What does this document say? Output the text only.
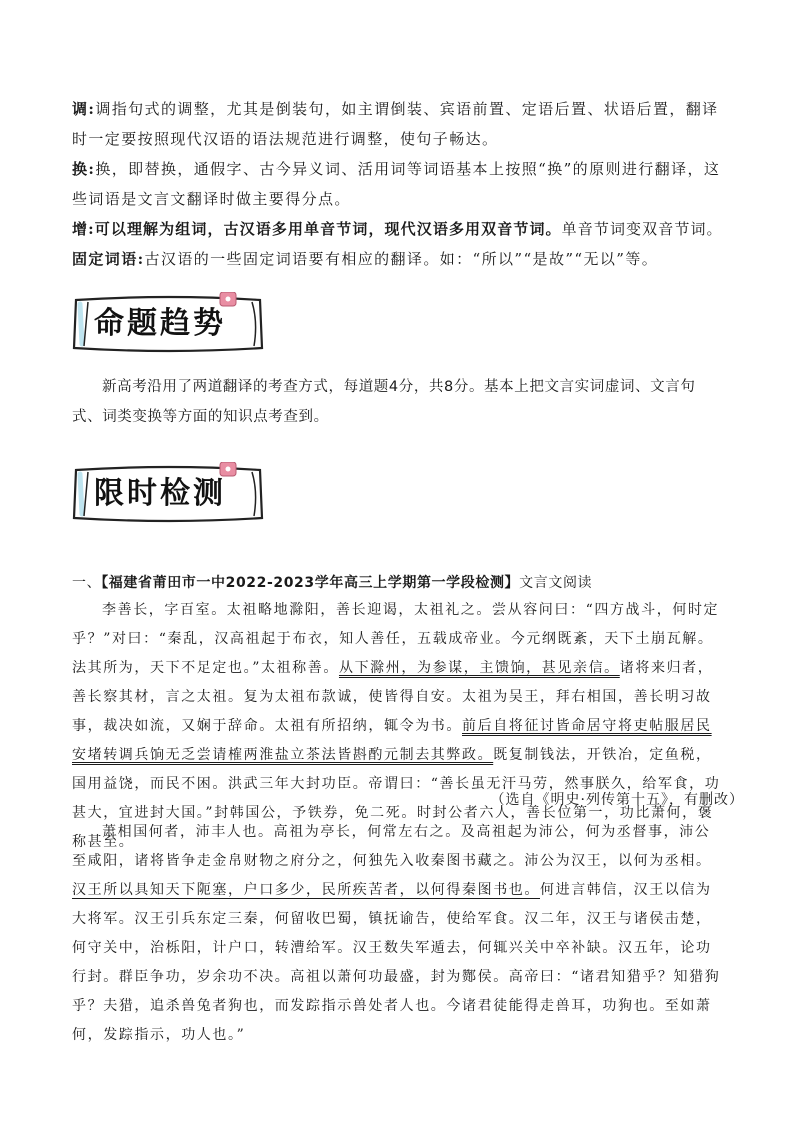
调:调指句式的调整，尤其是倒装句，如主谓倒装、宾语前置、定语后置、状语后置，翻译时一定要按照现代汉语的语法规范进行调整，使句子畅达。

换:换，即替换，通假字、古今异义词、活用词等词语基本上按照“换”的原则进行翻译，这些词语是文言文翻译时做主要得分点。

增:可以理解为组词，古汉语多用单音节词，现代汉语多用双音节词。单音节词变双音节词。

固定词语:古汉语的一些固定词语要有相应的翻译。如：“所以”“是故”“无以”等。

命题趋势
新高考沿用了两道翻译的考查方式，每道题4分，共8分。基本上把文言实词虚词、文言句式、词类变换等方面的知识点考查到。
限时检测
一、【福建省莆田市一中2022-2023学年高三上学期第一学段检测】文言文阅读
李善长，字百室。太祖略地滁阳，善长迎谒，太祖礼之。尝从容问曰：“四方战斗，何时定乎？”对曰：“秦乱，汉高祖起于布衣，知人善任，五载成帝业。今元纲既紊，天下土崩瓦解。法其所为，天下不足定也。”太祖称善。从下滁州，为参谋，主馈饷，甚见亲信。诸将来归者，善长察其材，言之太祖。复为太祖布款诚，使皆得自安。太祖为吴王，拜右相国，善长明习故事，裁决如流，又娴于辞命。太祖有所招纳，辄令为书。前后自将征讨皆命居守将吏帖服居民安堵转调兵饷无乏尝请榷两淮盐立茶法皆斟酌元制去其弊政。既复制钱法，开铁冶，定鱼税，国用益饶，而民不困。洪武三年大封功臣。帝谓曰：“善长虽无汗马劳，然事朕久，给军食，功甚大，宜进封大国。”封韩国公，予铁券，免二死。时封公者六人，善长位第一，功比萧何，褒称甚至。
（选自《明史·列传第十五》，有删改）
萧相国何者，沛丰人也。高祖为亭长，何常左右之。及高祖起为沛公，何为丞督事，沛公至咸阳，诸将皆争走金帛财物之府分之，何独先入收秦图书藏之。沛公为汉王，以何为丞相。汉王所以具知天下阨塞，户口多少，民所疾苦者，以何得秦图书也。何进言韩信，汉王以信为大将军。汉王引兵东定三秦，何留收巴蜀，镇抚谕告，使给军食。汉二年，汉王与诸侯击楚，何守关中，治栎阳，计户口，转漕给军。汉王数失军遁去，何辄兴关中卒补缺。汉五年，论功行封。群臣争功，岁余功不决。高祖以萧何功最盛，封为酂侯。高帝曰：“诸君知猎乎？知猎狗乎？夫猎，追杀兽兔者狗也，而发踪指示兽处者人也。今诸君徒能得走兽耳，功狗也。至如萧何，发踪指示，功人也。”
